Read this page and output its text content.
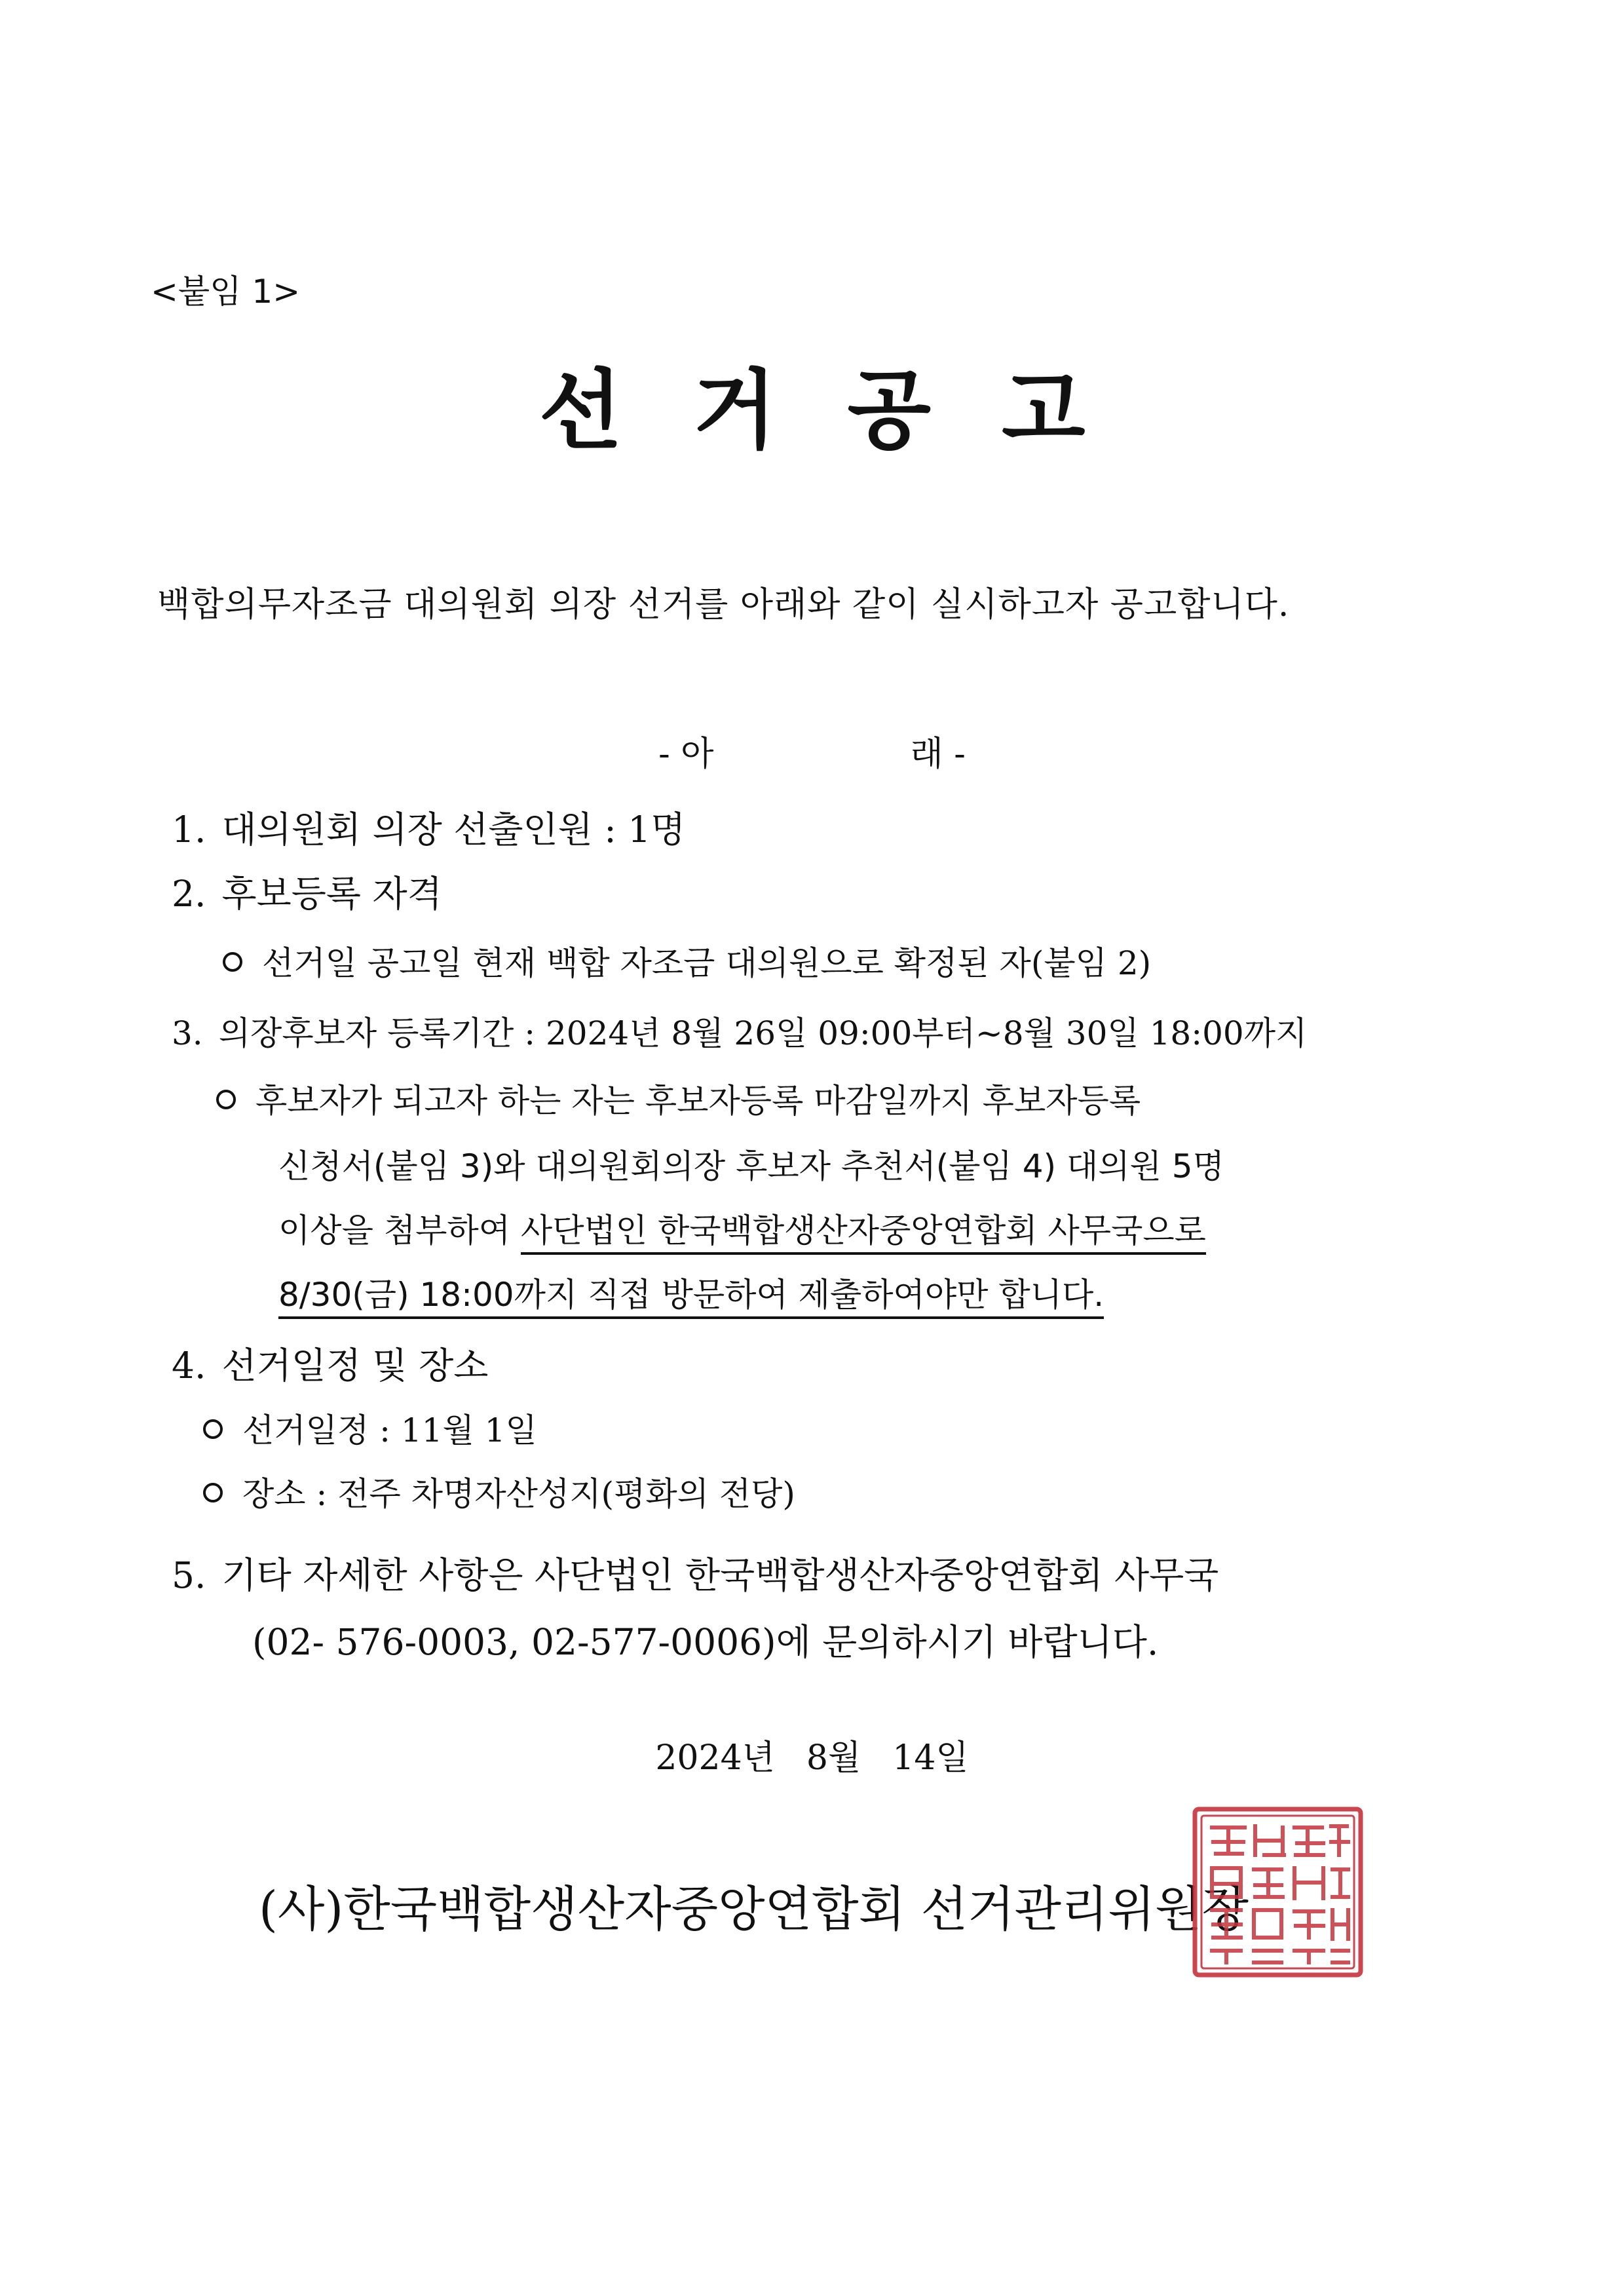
<붙임 1>
선거공고
백합의무자조금 대의원회 의장 선거를 아래와 같이 실시하고자 공고합니다.
- 아	래 -
1. 대의원회 의장 선출인원 : 1명
2. 후보등록 자격
선거일 공고일 현재 백합 자조금 대의원으로 확정된 자(붙임 2)
3. 의장후보자 등록기간 : 2024년 8월 26일 09:00부터~8월 30일 18:00까지
후보자가 되고자 하는 자는 후보자등록 마감일까지 후보자등록
신청서(붙임 3)와 대의원회의장 후보자 추천서(붙임 4) 대의원 5명
이상을 첨부하여 사단법인 한국백합생산자중앙연합회 사무국으로
8/30(금) 18:00까지 직접 방문하여 제출하여야만 합니다.
4. 선거일정 및 장소
선거일정 : 11월 1일
장소 : 전주 차명자산성지(평화의 전당)
5. 기타 자세한 사항은 사단법인 한국백합생산자중앙연합회 사무국
(02- 576-0003, 02-577-0006)에 문의하시기 바랍니다.
2024년 8월 14일
(사)한국백합생산자중앙연합회 선거관리위원장
